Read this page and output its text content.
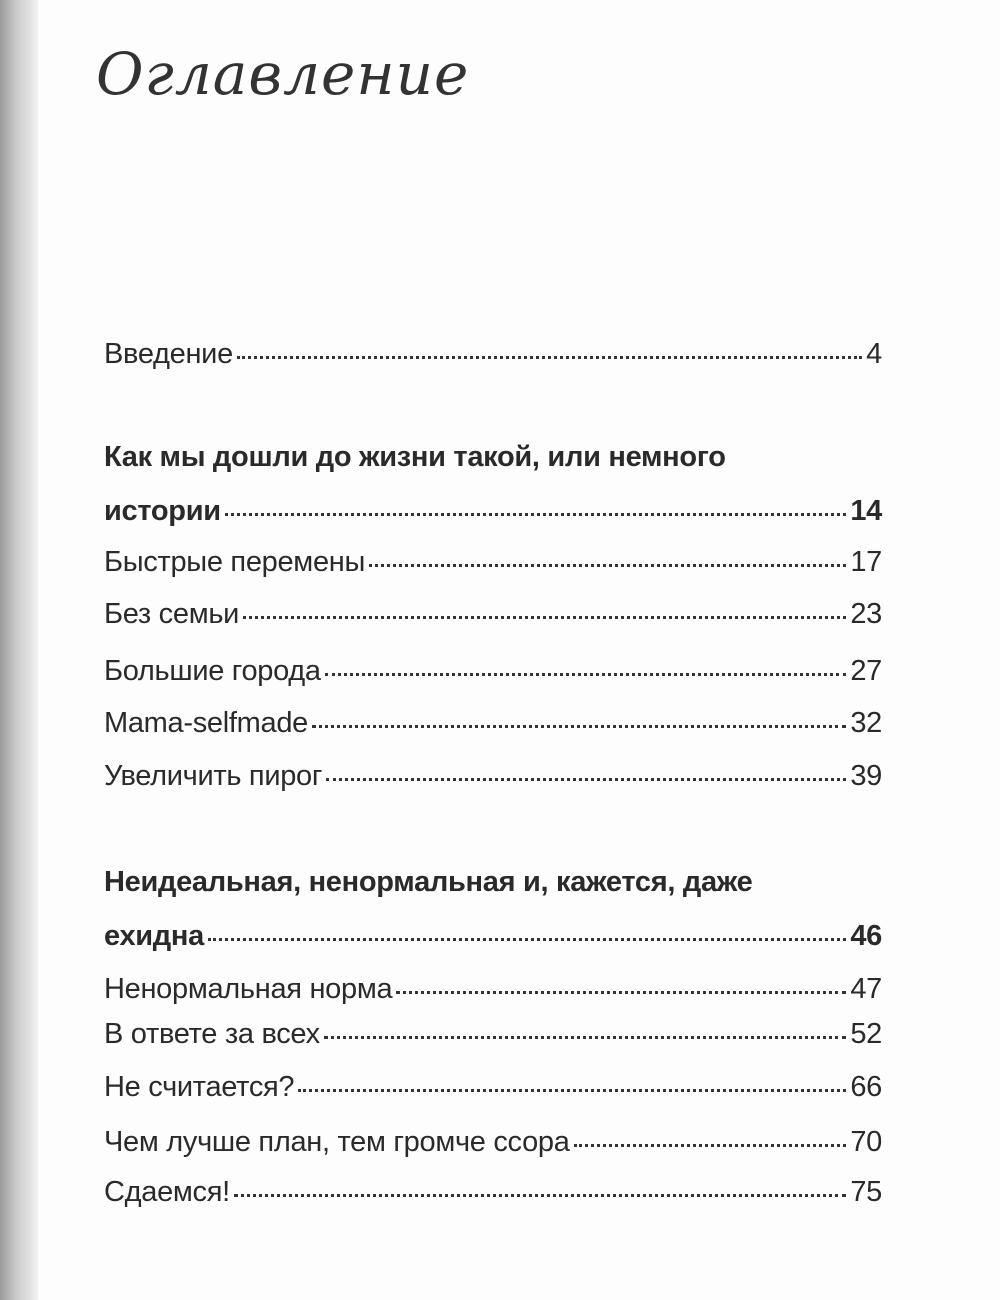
Оглавление
Введение	4
Как мы дошли до жизни такой, или немного
истории	14
Быстрые перемены	17
Без семьи	23
Большие города	27
Mama-selfmade	32
Увеличить пирог	39
Неидеальная, ненормальная и, кажется, даже
ехидна	46
Ненормальная норма	47
В ответе за всех	52
Не считается?	66
Чем лучше план, тем громче ссора	70
Сдаемся!	75
